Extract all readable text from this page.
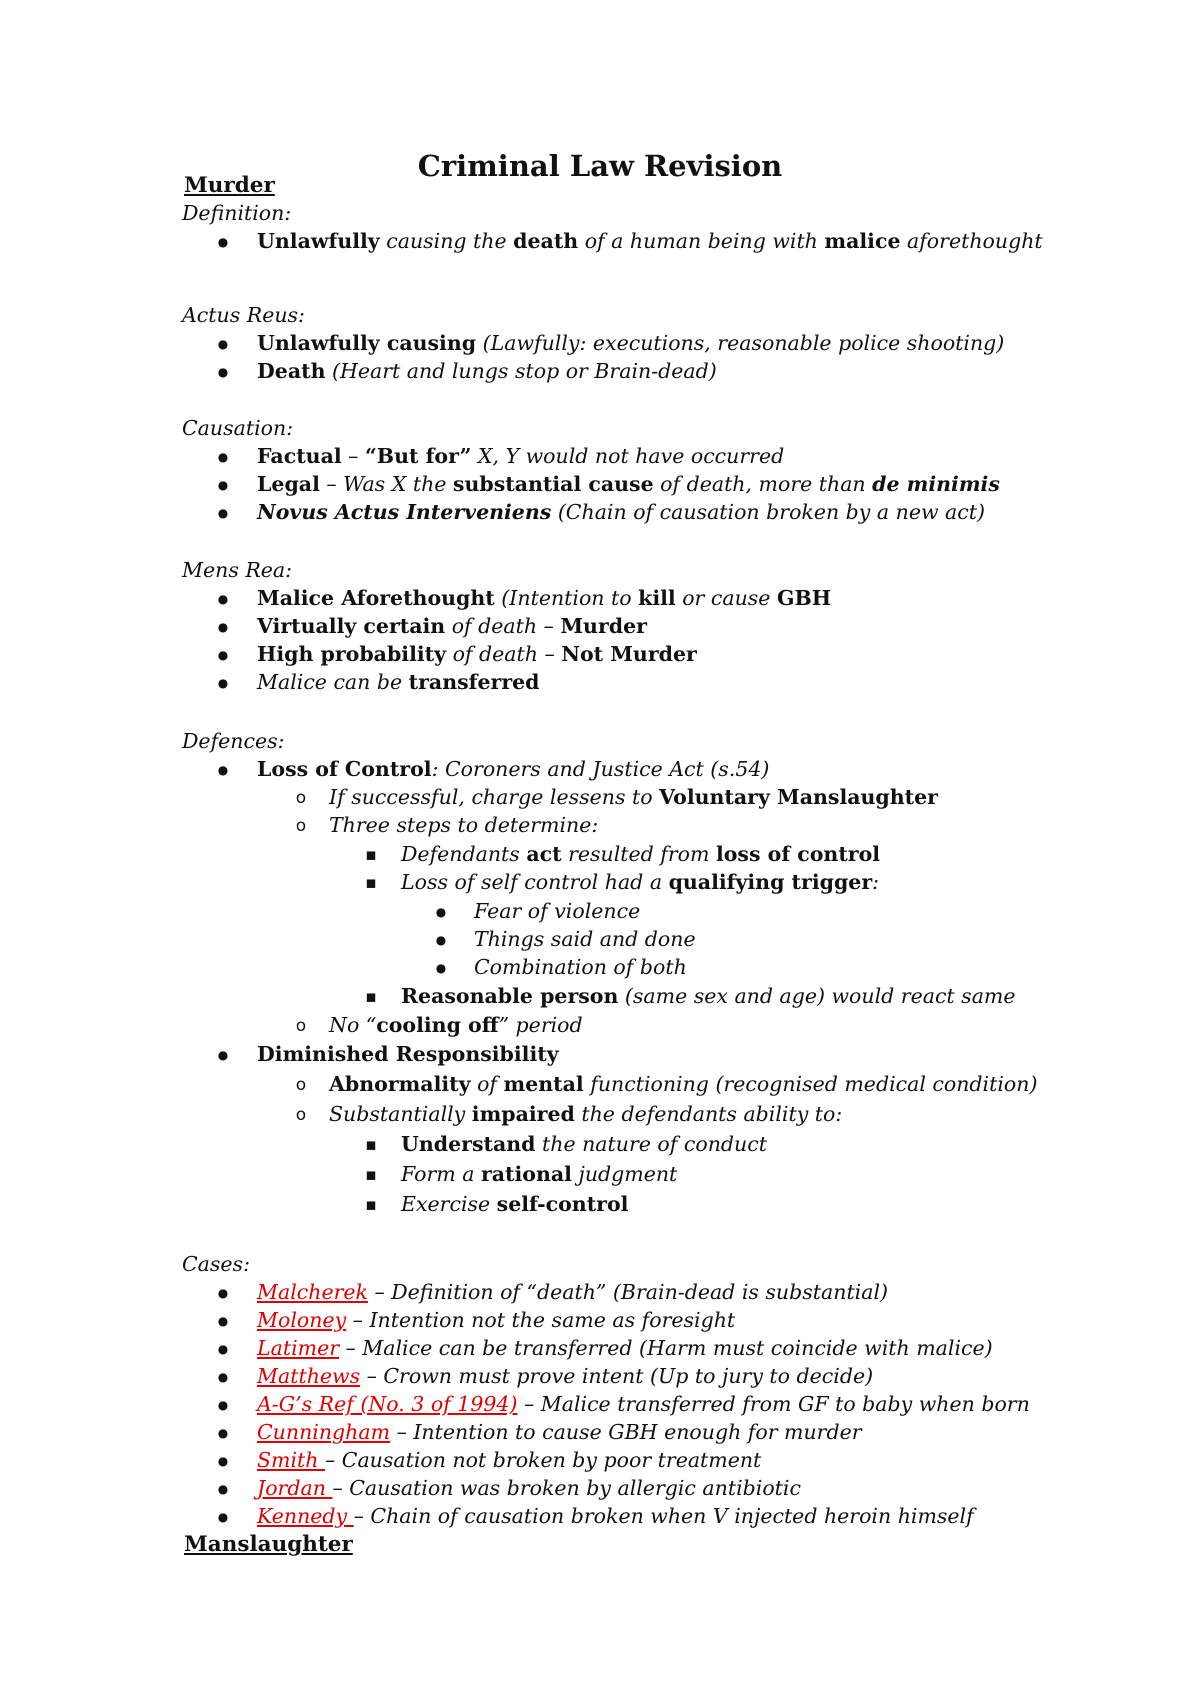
Criminal Law Revision
Murder
Definition:
●
Unlawfully causing the death of a human being with malice aforethought
Actus Reus:
●
Unlawfully causing (Lawfully: executions, reasonable police shooting)
●
Death (Heart and lungs stop or Brain-dead)
Causation:
●
Factual – “But for” X, Y would not have occurred
●
Legal – Was X the substantial cause of death, more than de minimis
●
Novus Actus Interveniens (Chain of causation broken by a new act)
Mens Rea:
●
Malice Aforethought (Intention to kill or cause GBH
●
Virtually certain of death – Murder
●
High probability of death – Not Murder
●
Malice can be transferred
Defences:
●
Loss of Control: Coroners and Justice Act (s.54)
o
If successful, charge lessens to Voluntary Manslaughter
o
Three steps to determine:
▪
Defendants act resulted from loss of control
▪
Loss of self control had a qualifying trigger:
●
Fear of violence
●
Things said and done
●
Combination of both
▪
Reasonable person (same sex and age) would react same
o
No “cooling off” period
●
Diminished Responsibility
o
Abnormality of mental functioning (recognised medical condition)
o
Substantially impaired the defendants ability to:
▪
Understand the nature of conduct
▪
Form a rational judgment
▪
Exercise self-control
Cases:
●
Malcherek – Definition of “death” (Brain-dead is substantial)
●
Moloney – Intention not the same as foresight
●
Latimer – Malice can be transferred (Harm must coincide with malice)
●
Matthews – Crown must prove intent (Up to jury to decide)
●
A-G’s Ref (No. 3 of 1994) – Malice transferred from GF to baby when born
●
Cunningham – Intention to cause GBH enough for murder
●
Smith – Causation not broken by poor treatment
●
Jordan – Causation was broken by allergic antibiotic
●
Kennedy – Chain of causation broken when V injected heroin himself
Manslaughter
